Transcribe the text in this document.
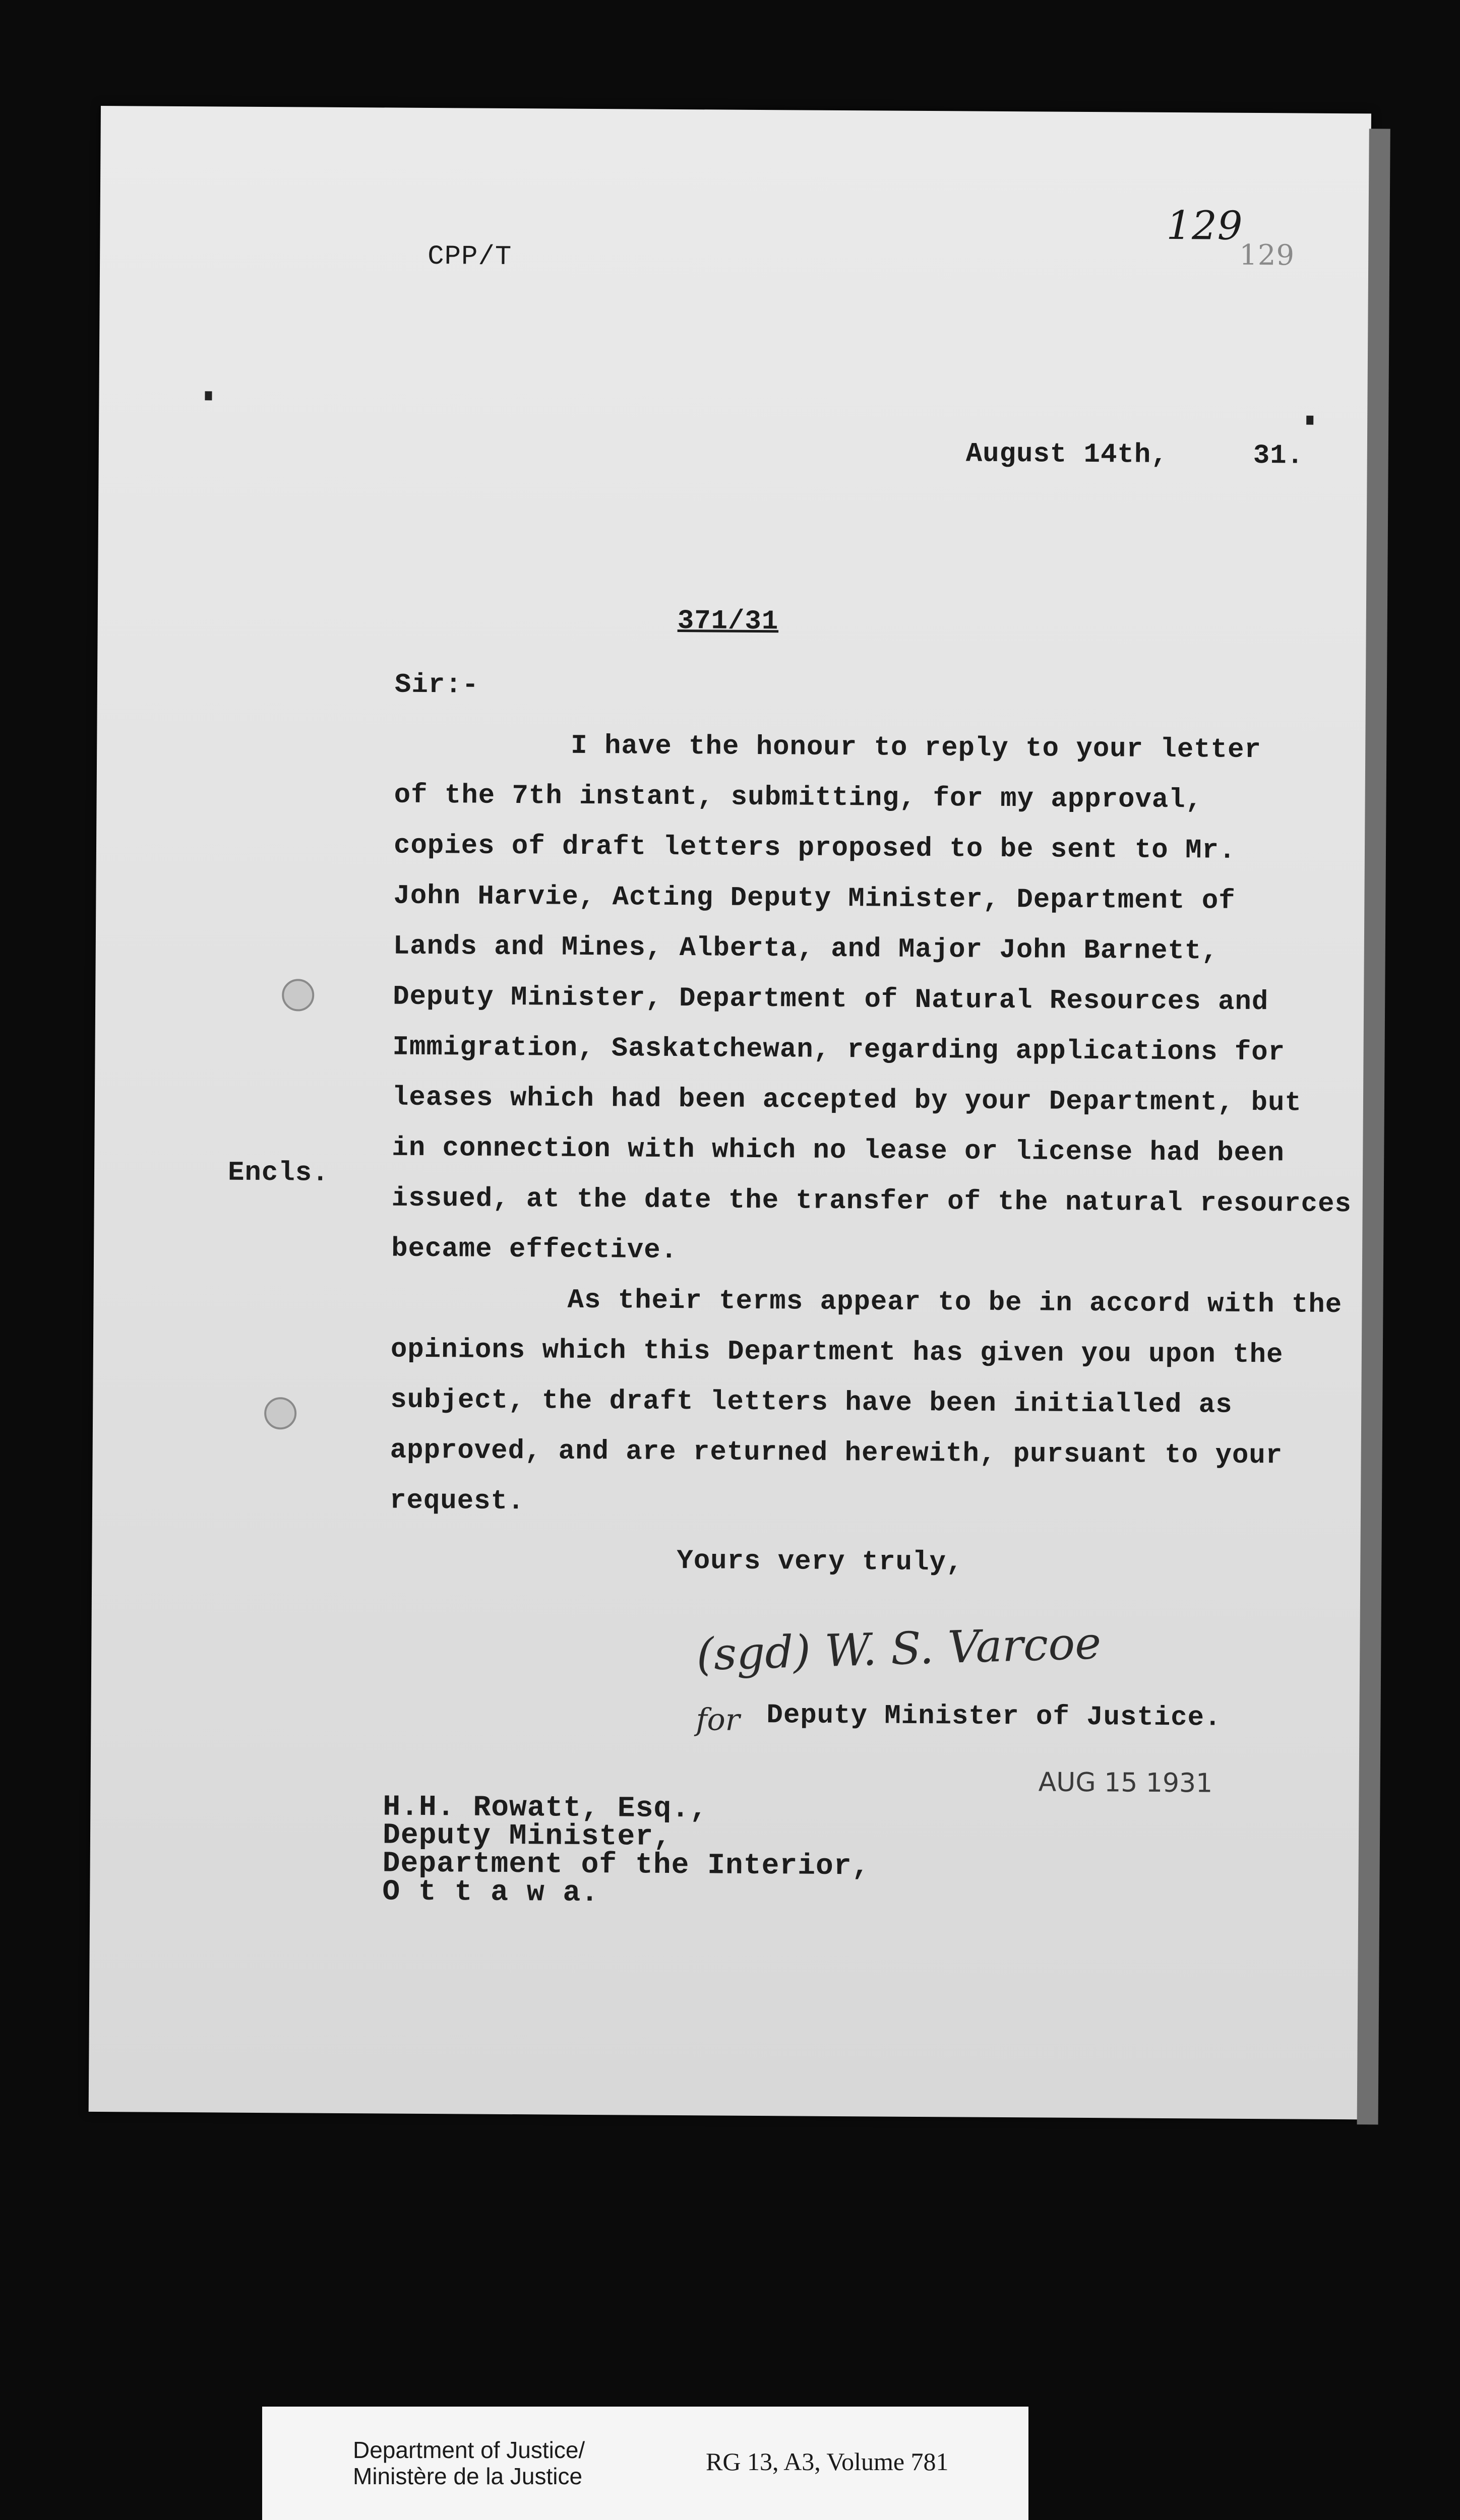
CPP/T
129
129
August 14th,	31.
371/31
Sir:-
I have the honour to reply to your letter
of the 7th instant, submitting, for my approval,
copies of draft letters proposed to be sent to Mr.
John Harvie, Acting Deputy Minister, Department of
Lands and Mines, Alberta, and Major John Barnett,
Deputy Minister, Department of Natural Resources and
Immigration, Saskatchewan, regarding applications for
leases which had been accepted by your Department, but
in connection with which no lease or license had been
issued, at the date the transfer of the natural resources
became effective.
As their terms appear to be in accord with the
opinions which this Department has given you upon the
subject, the draft letters have been initialled as
approved, and are returned herewith, pursuant to your
request.
Encls.
Yours very truly,
(sgd) W. S. Varcoe
for Deputy Minister of Justice.
AUG 15 1931
H.H. Rowatt, Esq.,
Deputy Minister,
Department of the Interior,
O t t a w a.
Department of Justice/
Ministère de la Justice
RG 13, A3, Volume 781
